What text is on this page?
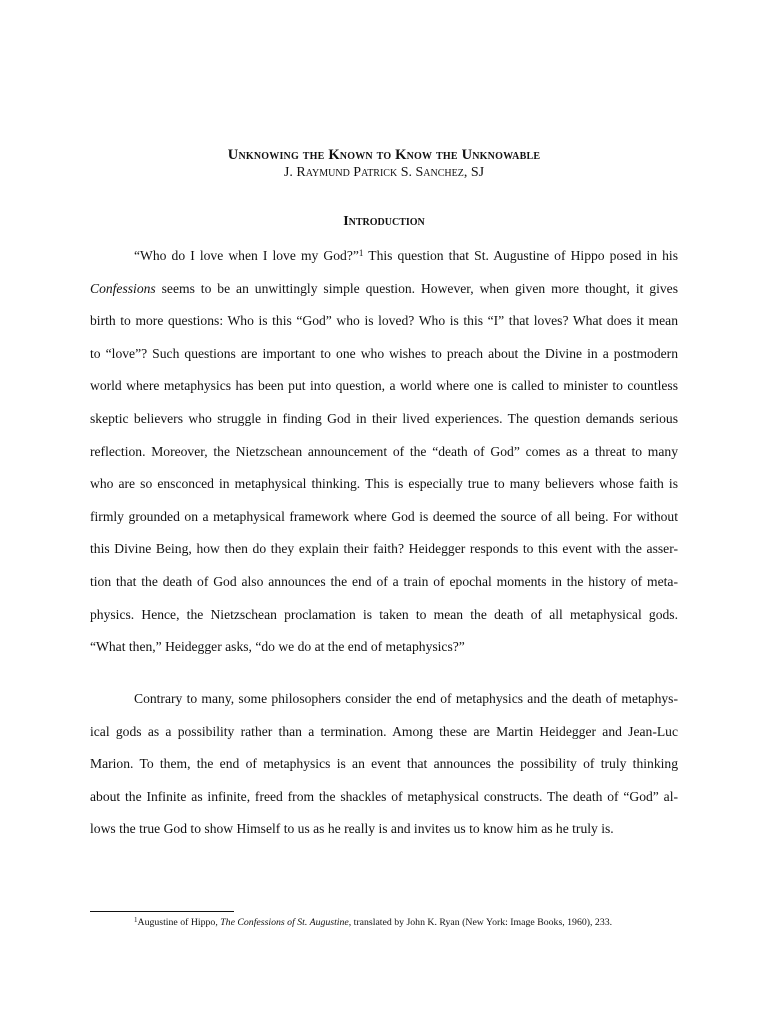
Unknowing the Known to Know the Unknowable

J. Raymund Patrick S. Sanchez, SJ

Introduction

“Who do I love when I love my God?”$^1$ This question that St. Augustine of Hippo posed in his
Confessions seems to be an unwittingly simple question. However, when given more thought, it gives
birth to more questions: Who is this “God” who is loved? Who is this “I” that loves? What does it mean
to “love”? Such questions are important to one who wishes to preach about the Divine in a postmodern
world where metaphysics has been put into question, a world where one is called to minister to countless
skeptic believers who struggle in finding God in their lived experiences. The question demands serious
reflection. Moreover, the Nietzschean announcement of the “death of God” comes as a threat to many
who are so ensconced in metaphysical thinking. This is especially true to many believers whose faith is
firmly grounded on a metaphysical framework where God is deemed the source of all being. For without
this Divine Being, how then do they explain their faith? Heidegger responds to this event with the asser-
tion that the death of God also announces the end of a train of epochal moments in the history of meta-
physics. Hence, the Nietzschean proclamation is taken to mean the death of all metaphysical gods.
“What then,” Heidegger asks, “do we do at the end of metaphysics?”
Contrary to many, some philosophers consider the end of metaphysics and the death of metaphys-
ical gods as a possibility rather than a termination. Among these are Martin Heidegger and Jean-Luc
Marion. To them, the end of metaphysics is an event that announces the possibility of truly thinking
about the Infinite as infinite, freed from the shackles of metaphysical constructs. The death of “God” al-
lows the true God to show Himself to us as he really is and invites us to know him as he truly is.

$^1$Augustine of Hippo, The Confessions of St. Augustine, translated by John K. Ryan (New York: Image Books, 1960), 233.
